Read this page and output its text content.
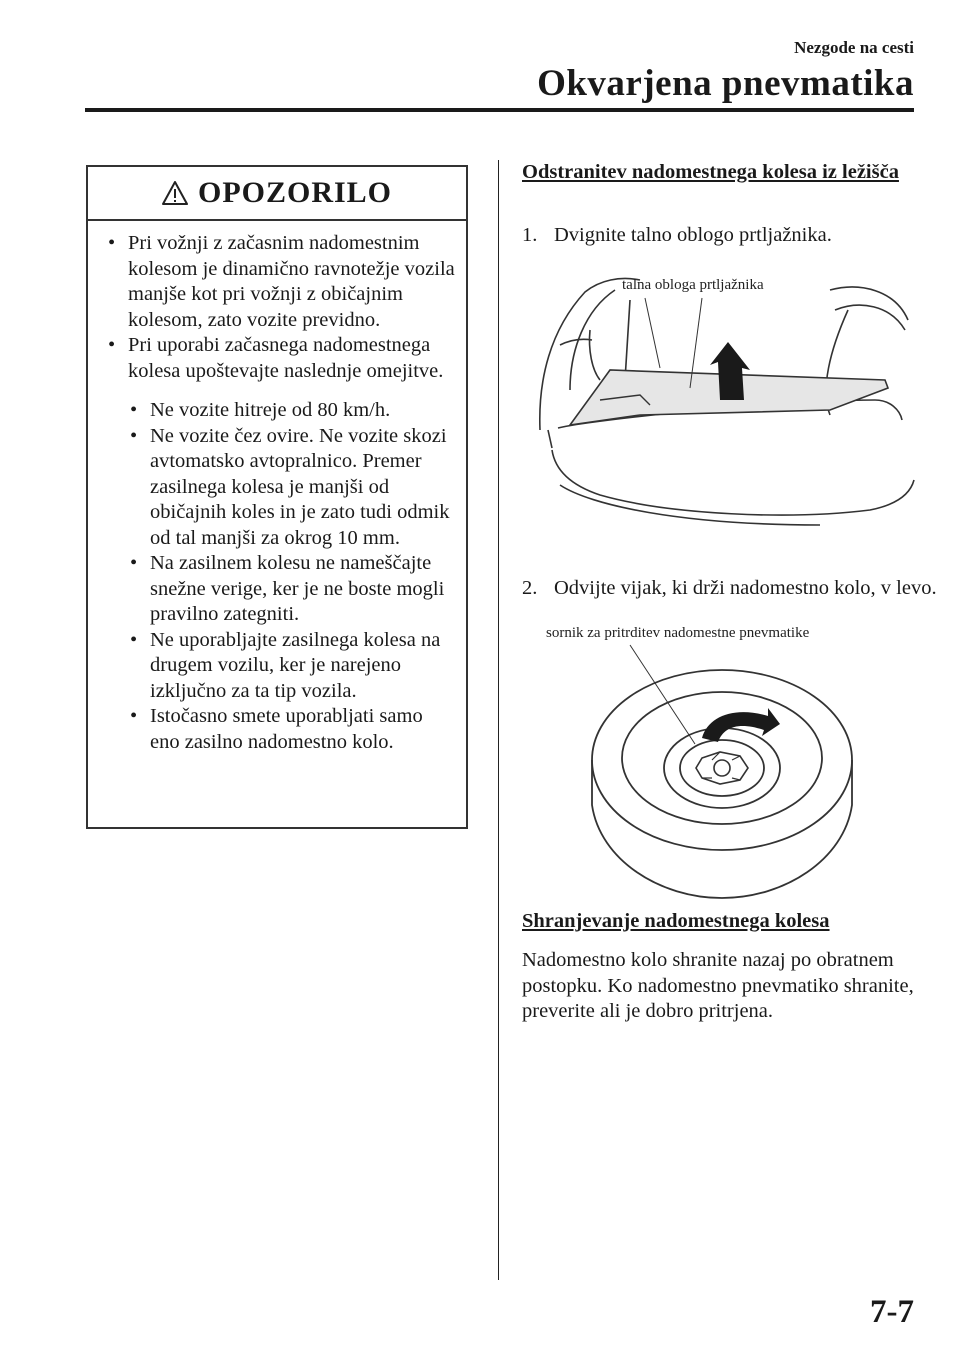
Nezgode na cesti
Okvarjena pnevmatika
OPOZORILO
• Pri vožnji z začasnim nadomestnim kolesom je dinamično ravnotežje vozila manjše kot pri vožnji z običajnim kolesom, zato vozite previdno.
• Pri uporabi začasnega nadomestnega kolesa upoštevajte naslednje omejitve.
• Ne vozite hitreje od 80 km/h.
• Ne vozite čez ovire. Ne vozite skozi avtomatsko avtopralnico. Premer zasilnega kolesa je manjši od običajnih koles in je zato tudi odmik od tal manjši za okrog 10 mm.
• Na zasilnem kolesu ne nameščajte snežne verige, ker je ne boste mogli pravilno zategniti.
• Ne uporabljajte zasilnega kolesa na drugem vozilu, ker je narejeno izključno za ta tip vozila.
• Istočasno smete uporabljati samo eno zasilno nadomestno kolo.
Odstranitev nadomestnega kolesa iz ležišča
1. Dvignite talno oblogo prtljažnika.
talna obloga prtljažnika
2. Odvijte vijak, ki drži nadomestno kolo, v levo.
sornik za pritrditev nadomestne pnevmatike
Shranjevanje nadomestnega kolesa
Nadomestno kolo shranite nazaj po obratnem postopku. Ko nadomestno pnevmatiko shranite, preverite ali je dobro pritrjena.
7-7
